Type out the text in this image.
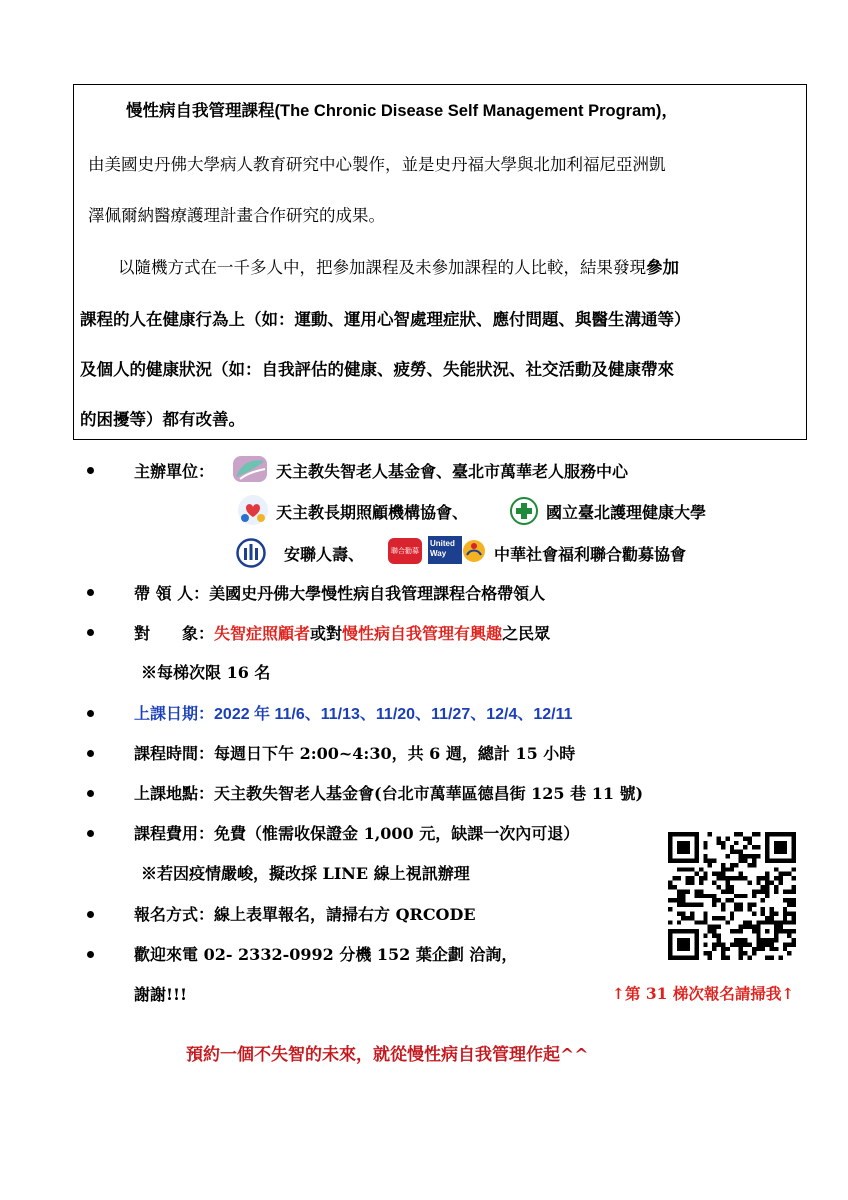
慢性病自我管理課程(The Chronic Disease Self Management Program)，
由美國史丹佛大學病人教育研究中心製作，並是史丹福大學與北加利福尼亞洲凱
澤佩爾納醫療護理計畫合作研究的成果。
以隨機方式在一千多人中，把參加課程及未參加課程的人比較，結果發現參加
課程的人在健康行為上（如：運動、運用心智處理症狀、應付問題、與醫生溝通等）
及個人的健康狀況（如：自我評估的健康、疲勞、失能狀況、社交活動及健康帶來
的困擾等）都有改善。
主辦單位：	天主教失智老人基金會、臺北市萬華老人服務中心
天主教長期照顧機構協會、	國立臺北護理健康大學
安聯人壽、	聯合勸募
United
Way	中華社會福利聯合勸募協會
帶 領 人：美國史丹佛大學慢性病自我管理課程合格帶領人
對　　象：失智症照顧者或對慢性病自我管理有興趣之民眾
※每梯次限 16 名
上課日期：2022 年 11/6、11/13、11/20、11/27、12/4、12/11
課程時間：每週日下午 2:00~4:30，共 6 週，總計 15 小時
上課地點：天主教失智老人基金會(台北市萬華區德昌街 125 巷 11 號)
課程費用：免費（惟需收保證金 1,000 元，缺課一次內可退）
※若因疫情嚴峻，擬改採 LINE 線上視訊辦理
報名方式：線上表單報名，請掃右方 QRCODE
歡迎來電 02- 2332-0992 分機 152 葉企劃 洽詢，
謝謝!!!	↑第 31 梯次報名請掃我↑
預約一個不失智的未來，就從慢性病自我管理作起^^
